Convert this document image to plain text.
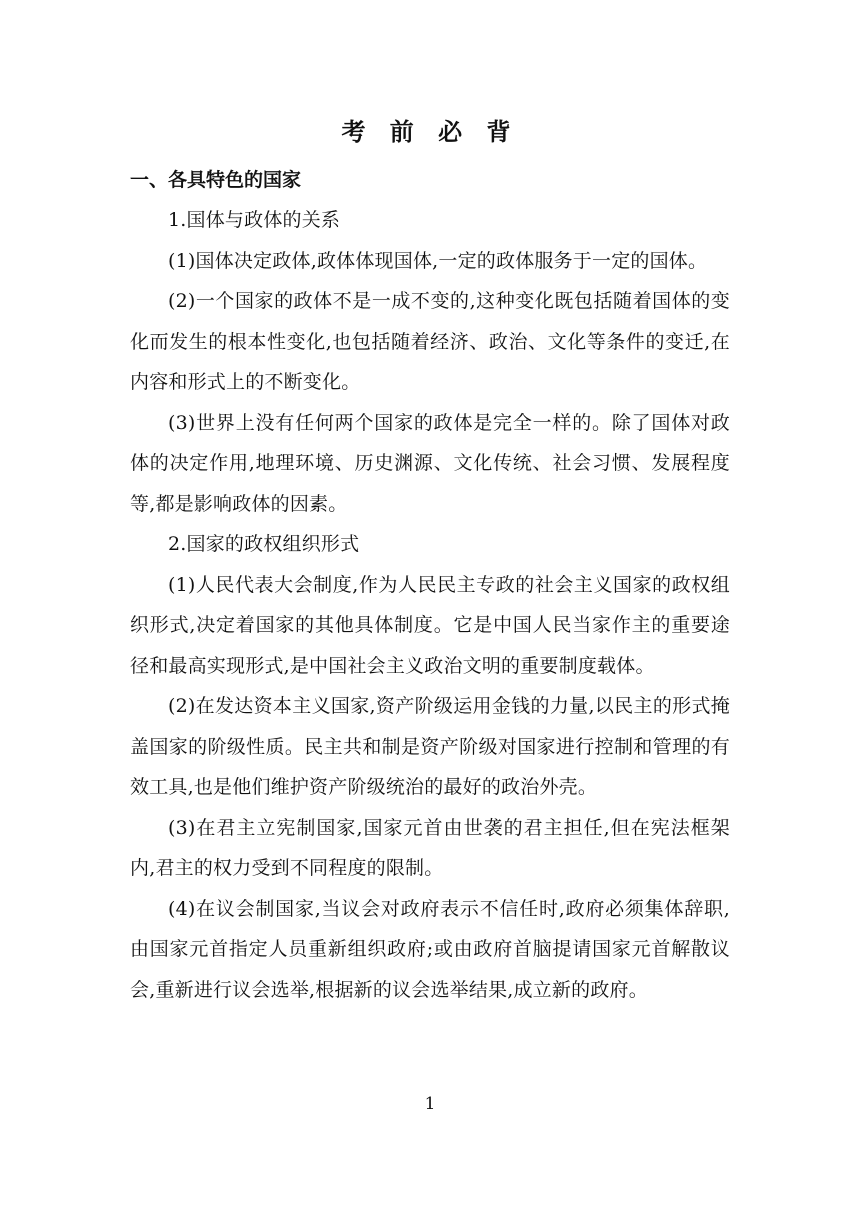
考 前 必 背
一、各具特色的国家

1.国体与政体的关系

(1)国体决定政体,政体体现国体,一定的政体服务于一定的国体。

(2)一个国家的政体不是一成不变的,这种变化既包括随着国体的变化而发生的根本性变化,也包括随着经济、政治、文化等条件的变迁,在内容和形式上的不断变化。

(3)世界上没有任何两个国家的政体是完全一样的。除了国体对政体的决定作用,地理环境、历史渊源、文化传统、社会习惯、发展程度等,都是影响政体的因素。

2.国家的政权组织形式

(1)人民代表大会制度,作为人民民主专政的社会主义国家的政权组织形式,决定着国家的其他具体制度。它是中国人民当家作主的重要途径和最高实现形式,是中国社会主义政治文明的重要制度载体。

(2)在发达资本主义国家,资产阶级运用金钱的力量,以民主的形式掩盖国家的阶级性质。民主共和制是资产阶级对国家进行控制和管理的有效工具,也是他们维护资产阶级统治的最好的政治外壳。

(3)在君主立宪制国家,国家元首由世袭的君主担任,但在宪法框架内,君主的权力受到不同程度的限制。

(4)在议会制国家,当议会对政府表示不信任时,政府必须集体辞职,由国家元首指定人员重新组织政府;或由政府首脑提请国家元首解散议会,重新进行议会选举,根据新的议会选举结果,成立新的政府。

1
